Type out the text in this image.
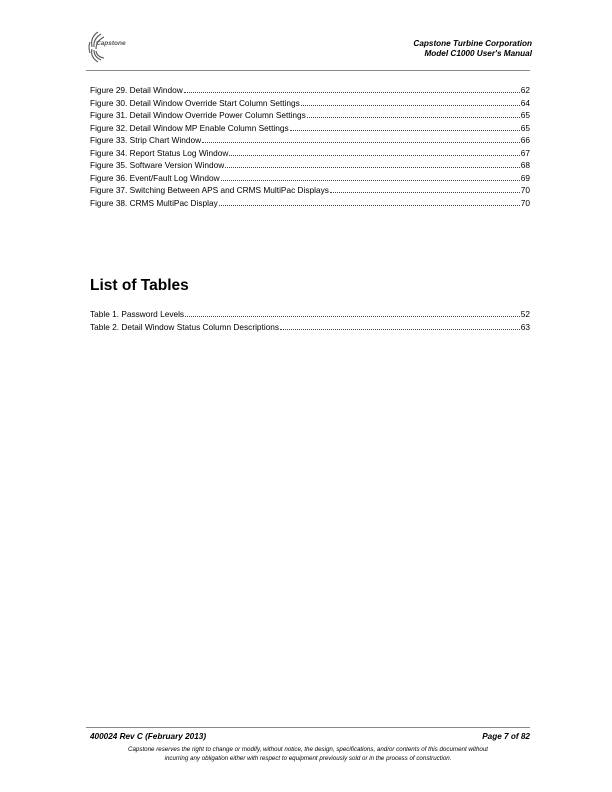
Capstone	Capstone Turbine Corporation
Model C1000 User's Manual
Figure 29. Detail Window	62
Figure 30. Detail Window Override Start Column Settings	64
Figure 31. Detail Window Override Power Column Settings	65
Figure 32. Detail Window MP Enable Column Settings	65
Figure 33. Strip Chart Window	66
Figure 34. Report Status Log Window	67
Figure 35. Software Version Window	68
Figure 36. Event/Fault Log Window	69
Figure 37. Switching Between APS and CRMS MultiPac Displays	70
Figure 38. CRMS MultiPac Display	70
List of Tables
Table 1. Password Levels	52
Table 2. Detail Window Status Column Descriptions	63
400024 Rev C (February 2013)	Page 7 of 82
Capstone reserves the right to change or modify, without notice, the design, specifications, and/or contents of this document without
incurring any obligation either with respect to equipment previously sold or in the process of construction.
